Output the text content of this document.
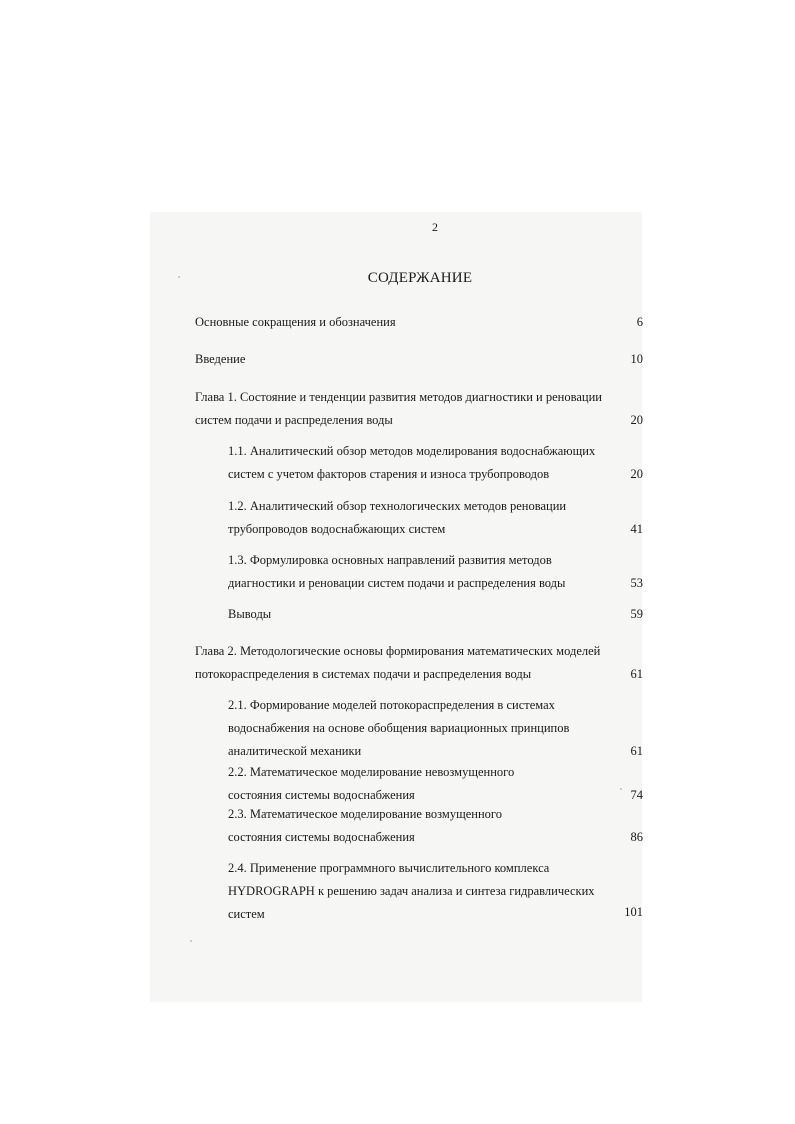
2
СОДЕРЖАНИЕ
Основные сокращения и обозначения	6
Введение	10
Глава 1. Состояние и тенденции развития методов диагностики и реновации
систем подачи и распределения воды	20
1.1. Аналитический обзор методов моделирования водоснабжающих
систем с учетом факторов старения и износа трубопроводов	20
1.2. Аналитический обзор технологических методов реновации
трубопроводов водоснабжающих систем	41
1.3. Формулировка основных направлений развития методов
диагностики и реновации систем подачи и распределения воды	53
Выводы	59
Глава 2. Методологические основы формирования математических моделей
потокораспределения в системах подачи и распределения воды	61
2.1. Формирование моделей потокораспределения в системах
водоснабжения на основе обобщения вариационных принципов
аналитической механики	61
2.2. Математическое моделирование невозмущенного
состояния системы водоснабжения	74
2.3. Математическое моделирование возмущенного
состояния системы водоснабжения	86
2.4. Применение программного вычислительного комплекса
HYDROGRAPH к решению задач анализа и синтеза гидравлических
систем	101
